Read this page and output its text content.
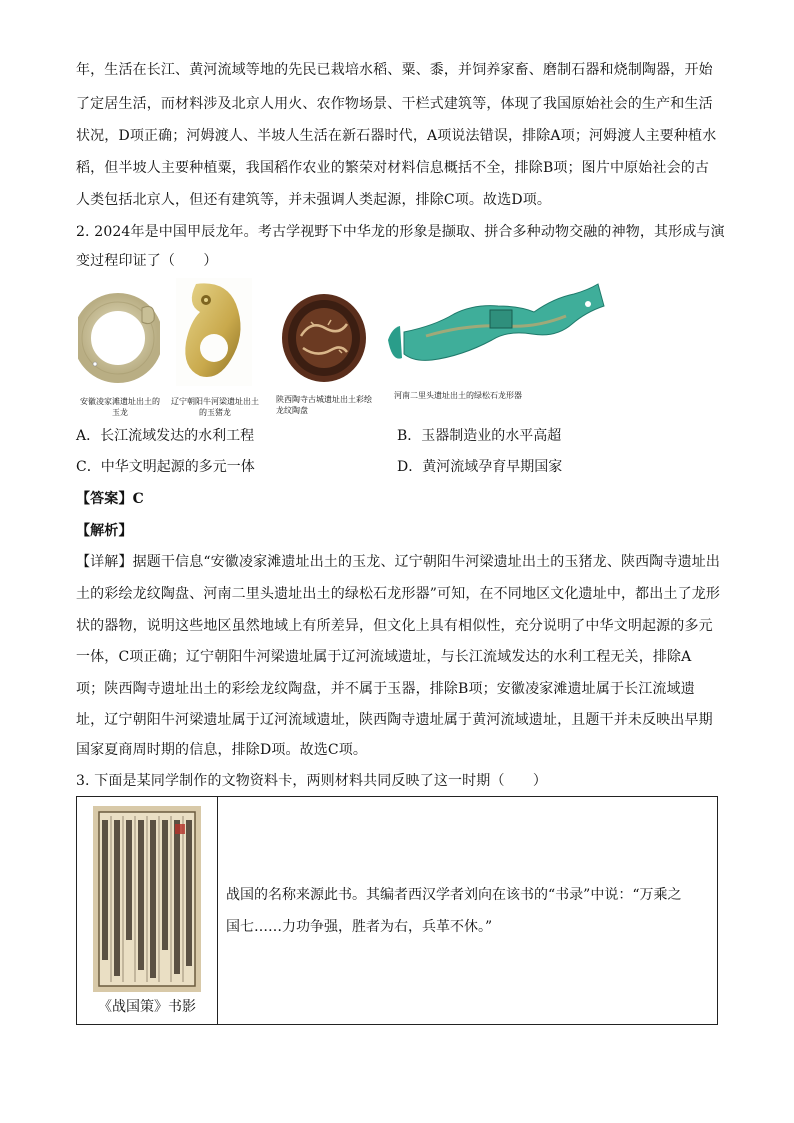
年，生活在长江、黄河流域等地的先民已栽培水稻、粟、黍，并饲养家畜、磨制石器和烧制陶器，开始
了定居生活，而材料涉及北京人用火、农作物场景、干栏式建筑等，体现了我国原始社会的生产和生活
状况，D项正确；河姆渡人、半坡人生活在新石器时代，A项说法错误，排除A项；河姆渡人主要种植水
稻，但半坡人主要种植粟，我国稻作农业的繁荣对材料信息概括不全，排除B项；图片中原始社会的古
人类包括北京人，但还有建筑等，并未强调人类起源，排除C项。故选D项。
2. 2024年是中国甲辰龙年。考古学视野下中华龙的形象是撷取、拼合多种动物交融的神物，其形成与演
变过程印证了（　　）
安徽凌家滩遗址出土的玉龙
辽宁朝阳牛河梁遗址出土的玉猪龙
陕西陶寺古城遗址出土彩绘龙纹陶盘
河南二里头遗址出土的绿松石龙形器
A．长江流域发达的水利工程	B．玉器制造业的水平高超
C．中华文明起源的多元一体	D．黄河流域孕育早期国家
【答案】C
【解析】
【详解】据题干信息“安徽凌家滩遗址出土的玉龙、辽宁朝阳牛河梁遗址出土的玉猪龙、陕西陶寺遗址出
土的彩绘龙纹陶盘、河南二里头遗址出土的绿松石龙形器”可知，在不同地区文化遗址中，都出土了龙形
状的器物，说明这些地区虽然地域上有所差异，但文化上具有相似性，充分说明了中华文明起源的多元
一体，C项正确；辽宁朝阳牛河梁遗址属于辽河流域遗址，与长江流域发达的水利工程无关，排除A
项；陕西陶寺遗址出土的彩绘龙纹陶盘，并不属于玉器，排除B项；安徽凌家滩遗址属于长江流域遗
址，辽宁朝阳牛河梁遗址属于辽河流域遗址，陕西陶寺遗址属于黄河流域遗址，且题干并未反映出早期
国家夏商周时期的信息，排除D项。故选C项。
3. 下面是某同学制作的文物资料卡，两则材料共同反映了这一时期（　　）
《战国策》书影

战国的名称来源此书。其编者西汉学者刘向在该书的“书录”中说：“万乘之
国七……力功争强，胜者为右，兵革不休。”
